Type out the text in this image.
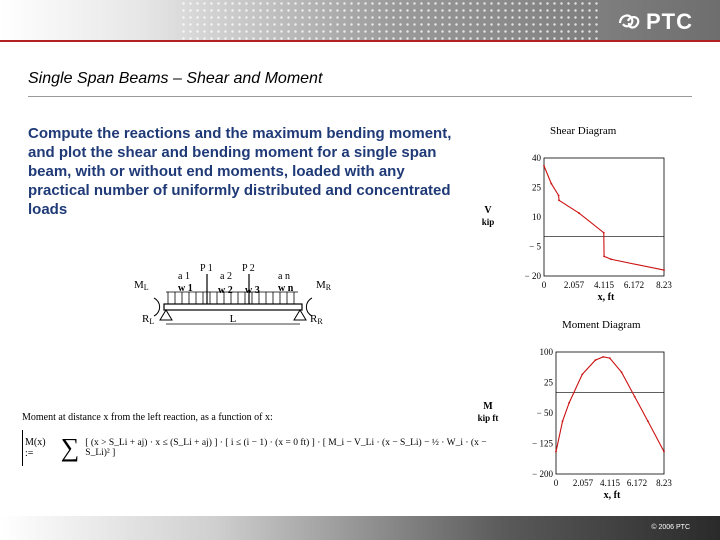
PTC
Single Span Beams – Shear and Moment

Compute the reactions and the maximum bending moment, and plot the shear and bending moment for a single span beam, with or without end moments, loaded with any practical number of uniformly distributed and concentrated loads

ML	MR
RL	RR
L
a 1	a 2	a n
P 1	P 2
w 1	w 2 w 3 w n
Moment at distance x from the left reaction, as a function of x:
M(x) :=	∑ [ (x > S_Li + aj) · x ≤ (S_Li + aj) ] · [ i ≤ (i − 1) · (x = 0 ft) ] · [ M_i − V_Li · (x − S_Li) − ½ · W_i · (x − S_Li)² ]
Shear Diagram
40
25
10
− 5
− 20
0 2.057 4.115 6.172 8.23
x, ft
V
kip
Moment Diagram
100
25
− 50
− 125
− 200
0 2.057 4.115 6.172 8.23
x, ft
M
kip ft
© 2006 PTC
